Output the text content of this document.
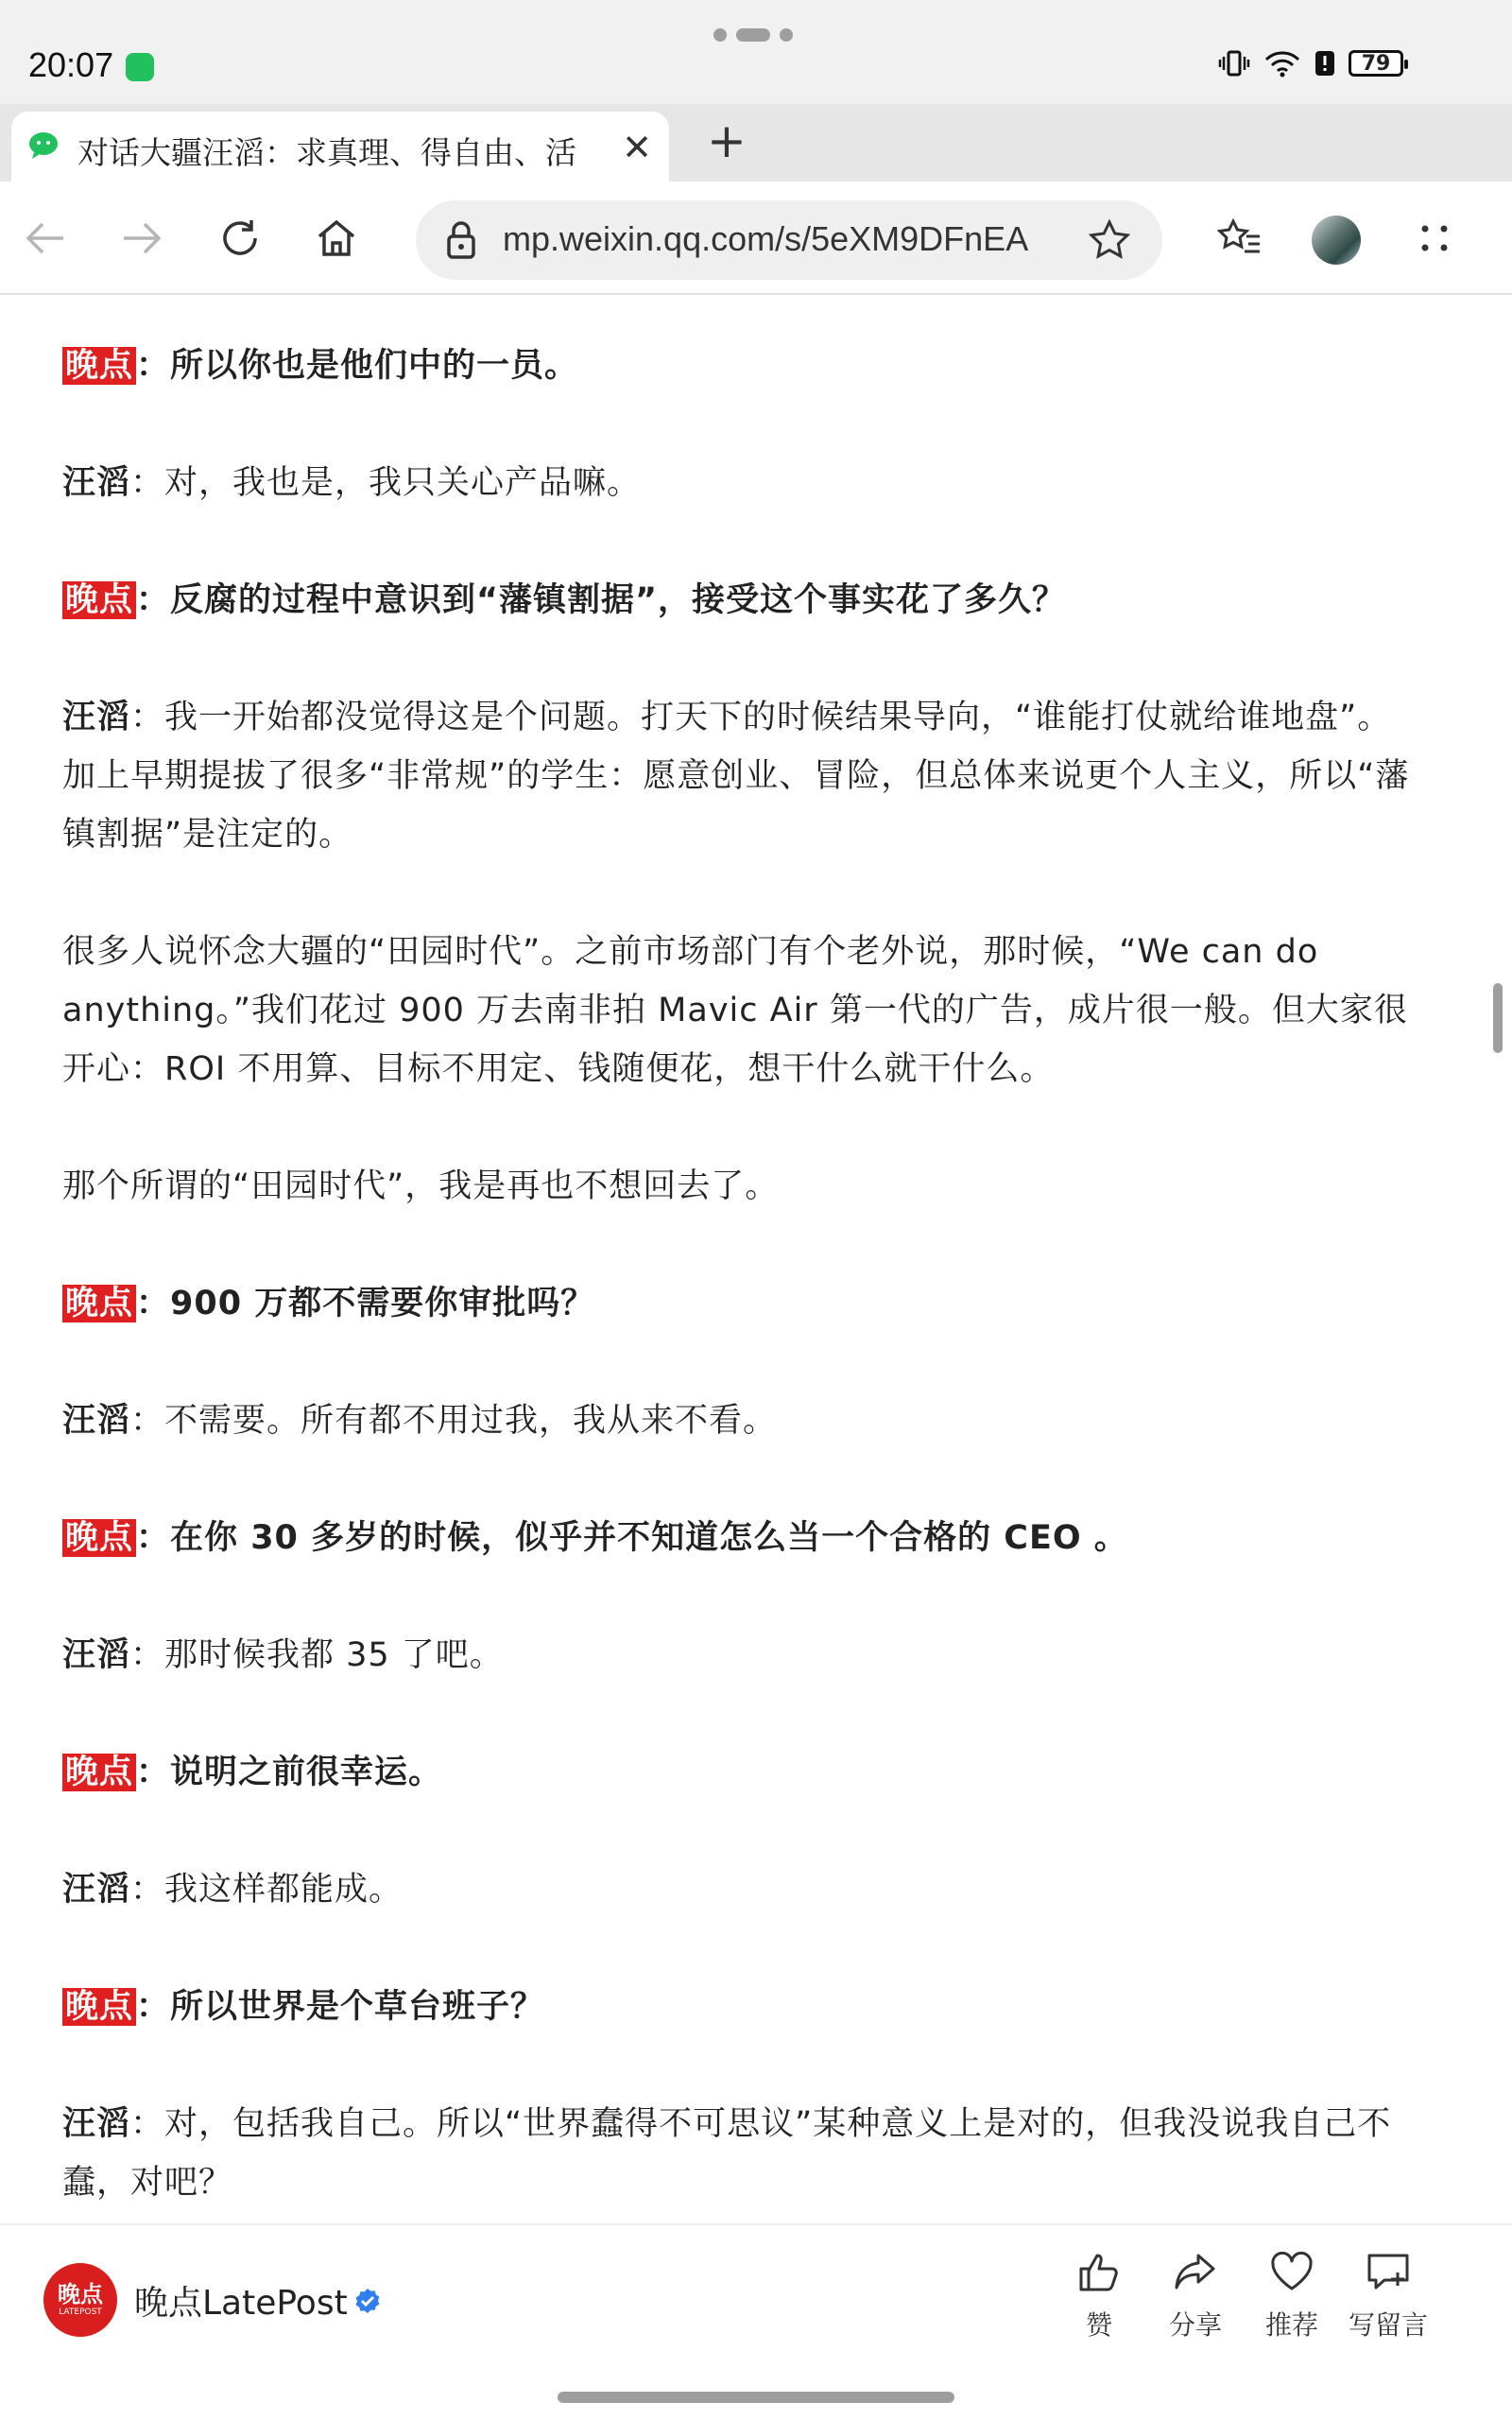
20:07	79
对话大疆汪滔：求真理、得自由、活	✕ +
mp.weixin.qq.com/s/5eXM9DFnEA

晚点：所以你也是他们中的一员。

汪滔：对，我也是，我只关心产品嘛。

晚点：反腐的过程中意识到“藩镇割据”，接受这个事实花了多久？

汪滔：我一开始都没觉得这是个问题。打天下的时候结果导向，“谁能打仗就给谁地盘”。加上早期提拔了很多“非常规”的学生：愿意创业、冒险，但总体来说更个人主义，所以“藩镇割据”是注定的。

很多人说怀念大疆的“田园时代”。之前市场部门有个老外说，那时候，“We can do anything。”我们花过 900 万去南非拍 Mavic Air 第一代的广告，成片很一般。但大家很开心：ROI 不用算、目标不用定、钱随便花，想干什么就干什么。

那个所谓的“田园时代”，我是再也不想回去了。

晚点：900 万都不需要你审批吗？

汪滔：不需要。所有都不用过我，我从来不看。

晚点：在你 30 多岁的时候，似乎并不知道怎么当一个合格的 CEO 。

汪滔：那时候我都 35 了吧。

晚点：说明之前很幸运。

汪滔：我这样都能成。

晚点：所以世界是个草台班子？

汪滔：对，包括我自己。所以“世界蠢得不可思议”某种意义上是对的，但我没说我自己不蠢，对吧？

晚点
LATEPOST 晚点LatePost
赞	分享	推荐	写留言
